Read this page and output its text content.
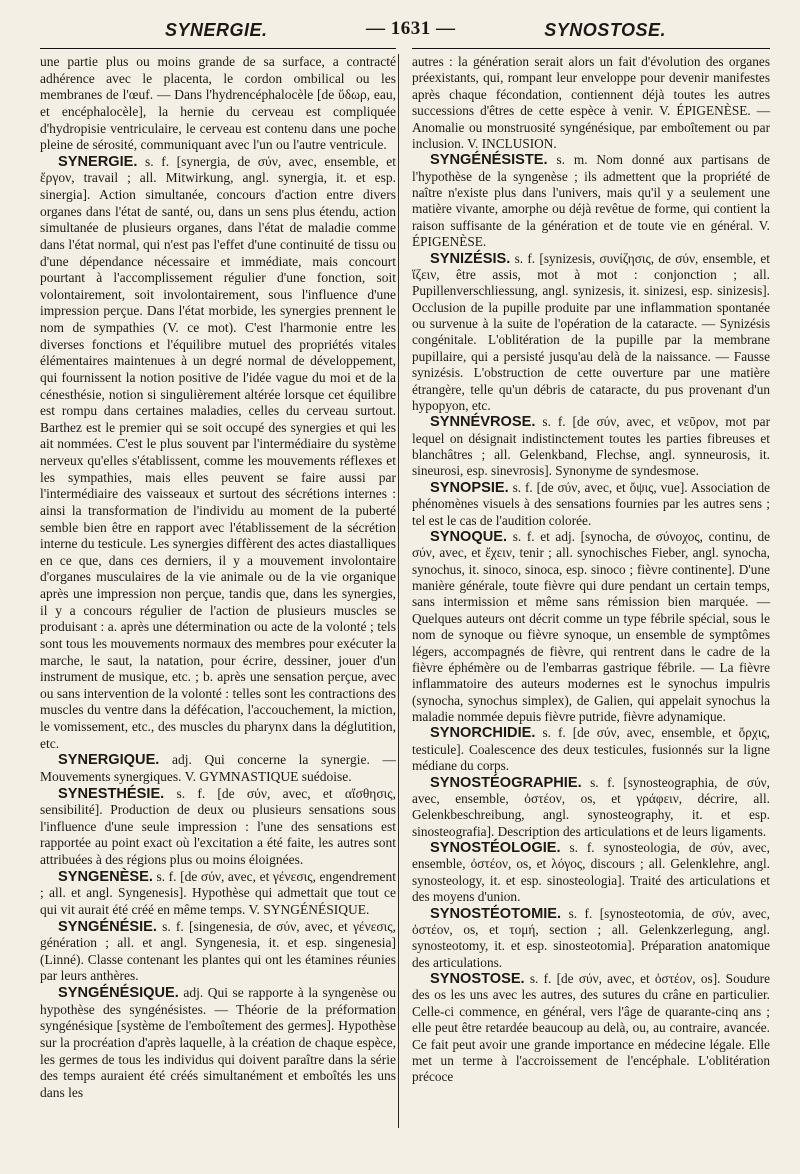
SYNERGIE.	— 1631 —	SYNOSTOSE.

une partie plus ou moins grande de sa surface, a contracté adhérence avec le placenta, le cordon ombilical ou les membranes de l'œuf. — Dans l'hydrencéphalocèle [de ὕδωρ, eau, et encéphalocèle], la hernie du cerveau est compliquée d'hydropisie ventriculaire, le cerveau est contenu dans une poche pleine de sérosité, communiquant avec l'un ou l'autre ventricule.

SYNERGIE. s. f. [synergia, de σύν, avec, ensemble, et ἔργον, travail ; all. Mitwirkung, angl. synergia, it. et esp. sinergia]. Action simultanée, concours d'action entre divers organes dans l'état de santé, ou, dans un sens plus étendu, action simultanée de plusieurs organes, dans l'état de maladie comme dans l'état normal, qui n'est pas l'effet d'une continuité de tissu ou d'une dépendance nécessaire et immédiate, mais concourt pourtant à l'accomplissement régulier d'une fonction, soit volontairement, soit involontairement, sous l'influence d'une impression perçue. Dans l'état morbide, les synergies prennent le nom de sympathies (V. ce mot). C'est l'harmonie entre les diverses fonctions et l'équilibre mutuel des propriétés vitales élémentaires maintenues à un degré normal de développement, qui fournissent la notion positive de l'idée vague du moi et de la cénesthésie, notion si singulièrement altérée lorsque cet équilibre est rompu dans certaines maladies, celles du cerveau surtout. Barthez est le premier qui se soit occupé des synergies et qui les ait nommées. C'est le plus souvent par l'intermédiaire du système nerveux qu'elles s'établissent, comme les mouvements réflexes et les sympathies, mais elles peuvent se faire aussi par l'intermédiaire des vaisseaux et surtout des sécrétions internes : ainsi la transformation de l'individu au moment de la puberté semble bien être en rapport avec l'établissement de la sécrétion interne du testicule. Les synergies diffèrent des actes diastalliques en ce que, dans ces derniers, il y a mouvement involontaire d'organes musculaires de la vie animale ou de la vie organique après une impression non perçue, tandis que, dans les synergies, il y a concours régulier de l'action de plusieurs muscles se produisant : a. après une détermination ou acte de la volonté ; tels sont tous les mouvements normaux des membres pour exécuter la marche, le saut, la natation, pour écrire, dessiner, jouer d'un instrument de musique, etc. ; b. après une sensation perçue, avec ou sans intervention de la volonté : telles sont les contractions des muscles du ventre dans la défécation, l'accouchement, la miction, le vomissement, etc., des muscles du pharynx dans la déglutition, etc.

SYNERGIQUE. adj. Qui concerne la synergie. — Mouvements synergiques. V. GYMNASTIQUE suédoise.

SYNESTHÉSIE. s. f. [de σύν, avec, et αἴσθησις, sensibilité]. Production de deux ou plusieurs sensations sous l'influence d'une seule impression : l'une des sensations est rapportée au point exact où l'excitation a été faite, les autres sont attribuées à des régions plus ou moins éloignées.

SYNGENÈSE. s. f. [de σύν, avec, et γένεσις, engendrement ; all. et angl. Syngenesis]. Hypothèse qui admettait que tout ce qui vit aurait été créé en même temps. V. SYNGÉNÉSIQUE.

SYNGÉNÉSIE. s. f. [singenesia, de σύν, avec, et γένεσις, génération ; all. et angl. Syngenesia, it. et esp. singenesia] (Linné). Classe contenant les plantes qui ont les étamines réunies par leurs anthères.

SYNGÉNÉSIQUE. adj. Qui se rapporte à la syngenèse ou hypothèse des syngénésistes. — Théorie de la préformation syngénésique [système de l'emboîtement des germes]. Hypothèse sur la procréation d'après laquelle, à la création de chaque espèce, les germes de tous les individus qui doivent paraître dans la série des temps auraient été créés simultanément et emboîtés les uns dans les

autres : la génération serait alors un fait d'évolution des organes préexistants, qui, rompant leur enveloppe pour devenir manifestes après chaque fécondation, contiennent déjà toutes les autres successions d'êtres de cette espèce à venir. V. ÉPIGENÈSE. — Anomalie ou monstruosité syngénésique, par emboîtement ou par inclusion. V. INCLUSION.

SYNGÉNÉSISTE. s. m. Nom donné aux partisans de l'hypothèse de la syngenèse ; ils admettent que la propriété de naître n'existe plus dans l'univers, mais qu'il y a seulement une matière vivante, amorphe ou déjà revêtue de forme, qui contient la raison suffisante de la génération et de toute vie en général. V. ÉPIGENÈSE.

SYNIZÉSIS. s. f. [synizesis, συνίζησις, de σύν, ensemble, et ἵζειν, être assis, mot à mot : conjonction ; all. Pupillenverschliessung, angl. synizesis, it. sinizesi, esp. sinizesis]. Occlusion de la pupille produite par une inflammation spontanée ou survenue à la suite de l'opération de la cataracte. — Synizésis congénitale. L'oblitération de la pupille par la membrane pupillaire, qui a persisté jusqu'au delà de la naissance. — Fausse synizésis. L'obstruction de cette ouverture par une matière étrangère, telle qu'un débris de cataracte, du pus provenant d'un hypopyon, etc.

SYNNÉVROSE. s. f. [de σύν, avec, et νεῦρον, mot par lequel on désignait indistinctement toutes les parties fibreuses et blanchâtres ; all. Gelenkband, Flechse, angl. synneurosis, it. sineurosi, esp. sinevrosis]. Synonyme de syndesmose.

SYNOPSIE. s. f. [de σύν, avec, et ὄψις, vue]. Association de phénomènes visuels à des sensations fournies par les autres sens ; tel est le cas de l'audition colorée.

SYNOQUE. s. f. et adj. [synocha, de σύνοχος, continu, de σύν, avec, et ἔχειν, tenir ; all. synochisches Fieber, angl. synocha, synochus, it. sinoco, sinoca, esp. sinoco ; fièvre continente]. D'une manière générale, toute fièvre qui dure pendant un certain temps, sans intermission et même sans rémission bien marquée. — Quelques auteurs ont décrit comme un type fébrile spécial, sous le nom de synoque ou fièvre synoque, un ensemble de symptômes légers, accompagnés de fièvre, qui rentrent dans le cadre de la fièvre éphémère ou de l'embarras gastrique fébrile. — La fièvre inflammatoire des auteurs modernes est le synochus impulris (synocha, synochus simplex), de Galien, qui appelait synochus la maladie nommée depuis fièvre putride, fièvre adynamique.

SYNORCHIDIE. s. f. [de σύν, avec, ensemble, et ὄρχις, testicule]. Coalescence des deux testicules, fusionnés sur la ligne médiane du corps.

SYNOSTÉOGRAPHIE. s. f. [synosteographia, de σύν, avec, ensemble, ὀστέον, os, et γράφειν, décrire, all. Gelenkbeschreibung, angl. synosteography, it. et esp. sinosteografia]. Description des articulations et de leurs ligaments.

SYNOSTÉOLOGIE. s. f. synosteologia, de σύν, avec, ensemble, ὀστέον, os, et λόγος, discours ; all. Gelenklehre, angl. synosteology, it. et esp. sinosteologia]. Traité des articulations et des moyens d'union.

SYNOSTÉOTOMIE. s. f. [synosteotomia, de σύν, avec, ὀστέον, os, et τομή, section ; all. Gelenkzerlegung, angl. synosteotomy, it. et esp. sinosteotomia]. Préparation anatomique des articulations.

SYNOSTOSE. s. f. [de σύν, avec, et ὀστέον, os]. Soudure des os les uns avec les autres, des sutures du crâne en particulier. Celle-ci commence, en général, vers l'âge de quarante-cinq ans ; elle peut être retardée beaucoup au delà, ou, au contraire, avancée. Ce fait peut avoir une grande importance en médecine légale. Elle met un terme à l'accroissement de l'encéphale. L'oblitération précoce
